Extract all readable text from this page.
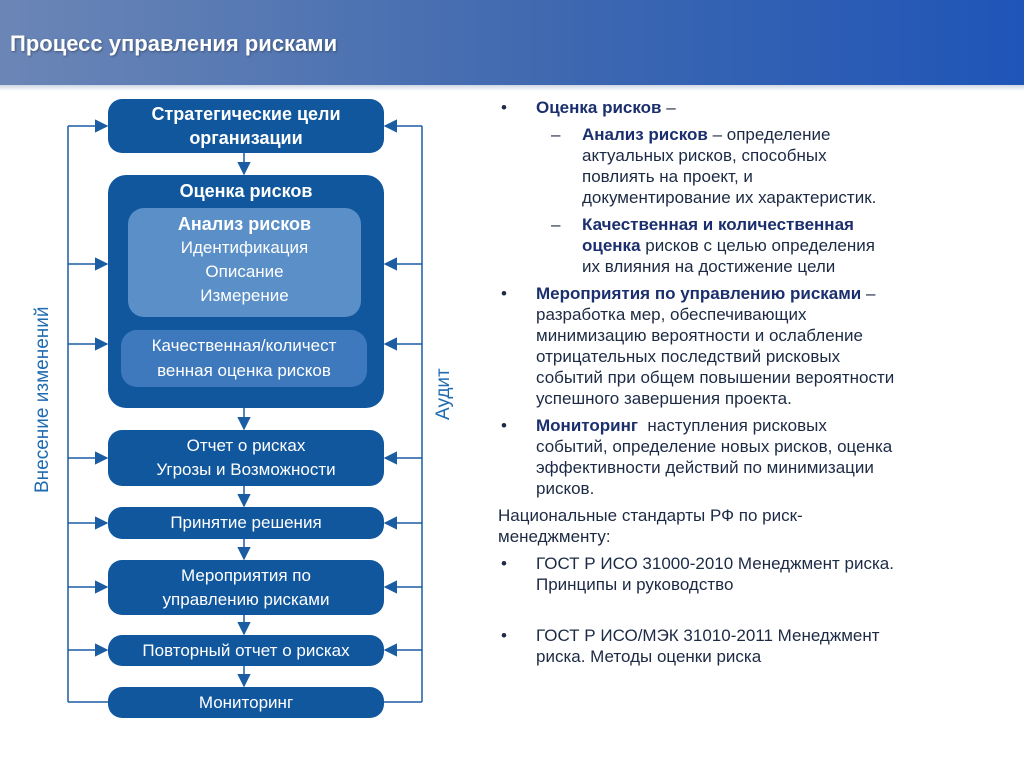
Процесс управления рисками
Стратегические цели
организации
Оценка рисков
Анализ рисков
Идентификация
Описание
Измерение
Качественная/количест
венная оценка рисков
Отчет о рисках
Угрозы и Возможности
Принятие решения
Мероприятия по
управлению рисками
Повторный отчет о рисках
Мониторинг
Внесение изменений	Аудит
• Оценка рисков –
– Анализ рисков – определение
актуальных рисков, способных
повлиять на проект, и
документирование их характеристик.
– Качественная и количественная
оценка рисков с целью определения
их влияния на достижение цели
• Мероприятия по управлению рисками –
разработка мер, обеспечивающих
минимизацию вероятности и ослабление
отрицательных последствий рисковых
событий при общем повышении вероятности
успешного завершения проекта.
• Мониторинг  наступления рисковых
событий, определение новых рисков, оценка
эффективности действий по минимизации
рисков.
Национальные стандарты РФ по риск-
менеджменту:
• ГОСТ Р ИСО 31000-2010 Менеджмент риска.
Принципы и руководство
• ГОСТ Р ИСО/МЭК 31010-2011 Менеджмент
риска. Методы оценки риска
